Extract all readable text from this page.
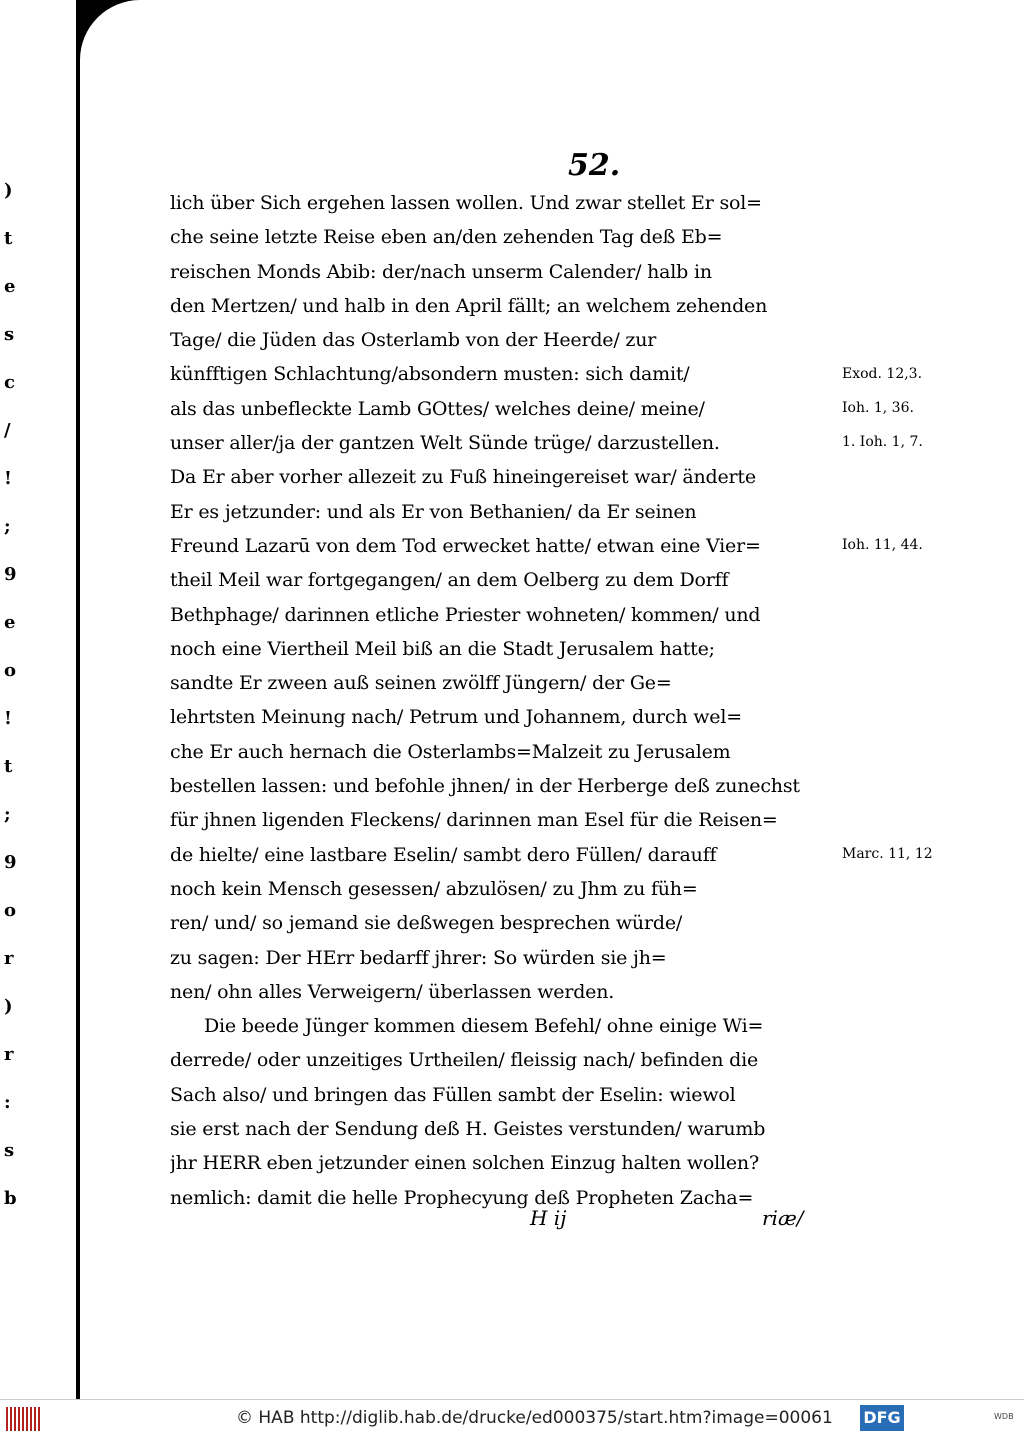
)
t
e
s
c
/
!
;
9
e
o
!
t
;
9
o
r
)
r
:
s
b
52.
lich über Sich ergehen lassen wollen. Und zwar stellet Er sol=
che seine letzte Reise eben an/den zehenden Tag deß Eb=
reischen Monds Abib: der/nach unserm Calender/ halb in
den Mertzen/ und halb in den April fällt; an welchem zehenden
Tage/ die Jüden das Osterlamb von der Heerde/ zur
künfftigen Schlachtung/absondern musten: sich damit/
als das unbefleckte Lamb GOttes/ welches deine/ meine/
unser aller/ja der gantzen Welt Sünde trüge/ darzustellen.
Da Er aber vorher allezeit zu Fuß hineingereiset war/ änderte
Er es jetzunder: und als Er von Bethanien/ da Er seinen
Freund Lazarū von dem Tod erwecket hatte/ etwan eine Vier=
theil Meil war fortgegangen/ an dem Oelberg zu dem Dorff
Bethphage/ darinnen etliche Priester wohneten/ kommen/ und
noch eine Viertheil Meil biß an die Stadt Jerusalem hatte;
sandte Er zween auß seinen zwölff Jüngern/ der Ge=
lehrtsten Meinung nach/ Petrum und Johannem, durch wel=
che Er auch hernach die Osterlambs=Malzeit zu Jerusalem
bestellen lassen: und befohle jhnen/ in der Herberge deß zunechst
für jhnen ligenden Fleckens/ darinnen man Esel für die Reisen=
de hielte/ eine lastbare Eselin/ sambt dero Füllen/ darauff
noch kein Mensch gesessen/ abzulösen/ zu Jhm zu füh=
ren/ und/ so jemand sie deßwegen besprechen würde/
zu sagen: Der HErr bedarff jhrer: So würden sie jh=
nen/ ohn alles Verweigern/ überlassen werden.
Die beede Jünger kommen diesem Befehl/ ohne einige Wi=
derrede/ oder unzeitiges Urtheilen/ fleissig nach/ befinden die
Sach also/ und bringen das Füllen sambt der Eselin: wiewol
sie erst nach der Sendung deß H. Geistes verstunden/ warumb
jhr HERR eben jetzunder einen solchen Einzug halten wollen?
nemlich: damit die helle Prophecyung deß Propheten Zacha=
Exod. 12,3.
Ioh. 1, 36.
1. Ioh. 1, 7.
Ioh. 11, 44.
Marc. 11, 12
H ij	riæ/
© HAB http://diglib.hab.de/drucke/ed000375/start.htm?image=00061 DFG	WDB
